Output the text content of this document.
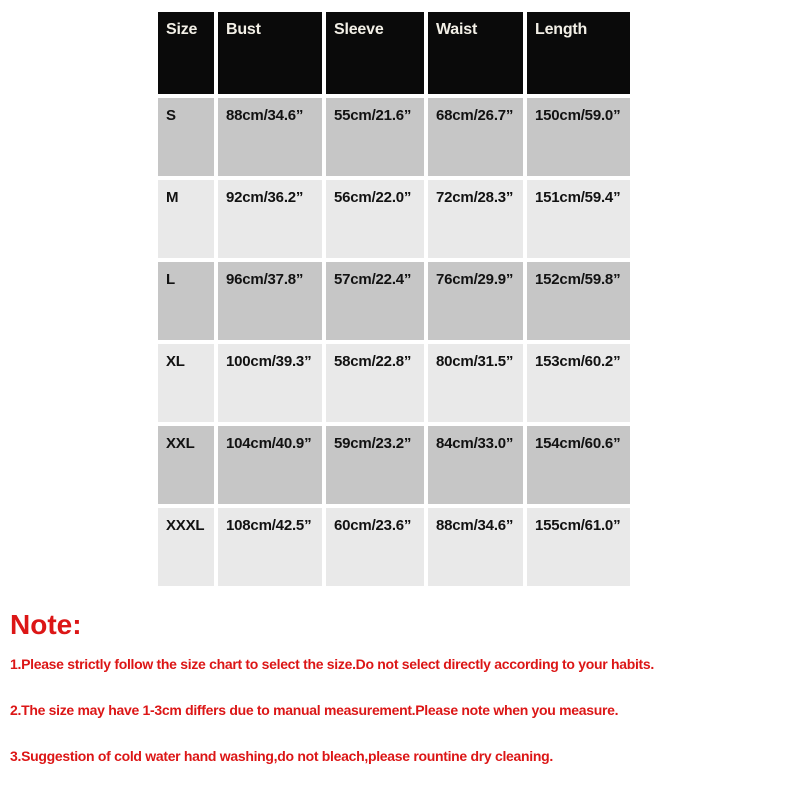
Size	Bust	Sleeve	Waist	Length
S	88cm/34.6”	55cm/21.6”	68cm/26.7”	150cm/59.0”
M	92cm/36.2”	56cm/22.0”	72cm/28.3”	151cm/59.4”
L	96cm/37.8”	57cm/22.4”	76cm/29.9”	152cm/59.8”
XL	100cm/39.3”	58cm/22.8”	80cm/31.5”	153cm/60.2”
XXL	104cm/40.9”	59cm/23.2”	84cm/33.0”	154cm/60.6”
XXXL	108cm/42.5”	60cm/23.6”	88cm/34.6”	155cm/61.0”
Note:
1.Please strictly follow the size chart to select the size.Do not select directly according to your habits.
2.The size may have 1-3cm differs due to manual measurement.Please note when you measure.
3.Suggestion of cold water hand washing,do not bleach,please rountine dry cleaning.
